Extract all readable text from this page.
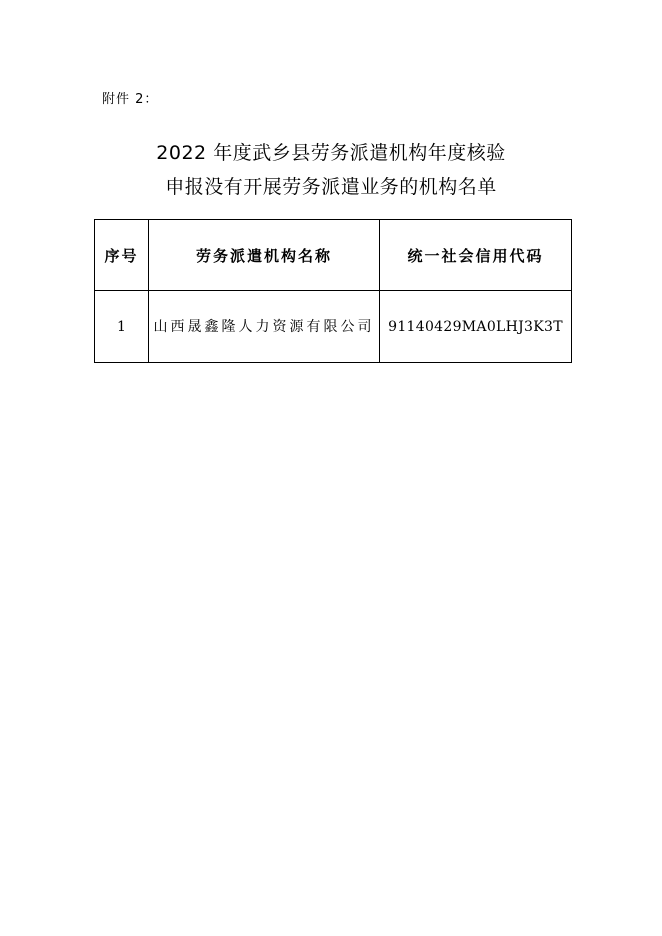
附件 2：
2022 年度武乡县劳务派遣机构年度核验
申报没有开展劳务派遣业务的机构名单
序号	劳务派遣机构名称	统一社会信用代码
1	山西晟鑫隆人力资源有限公司	91140429MA0LHJ3K3T
